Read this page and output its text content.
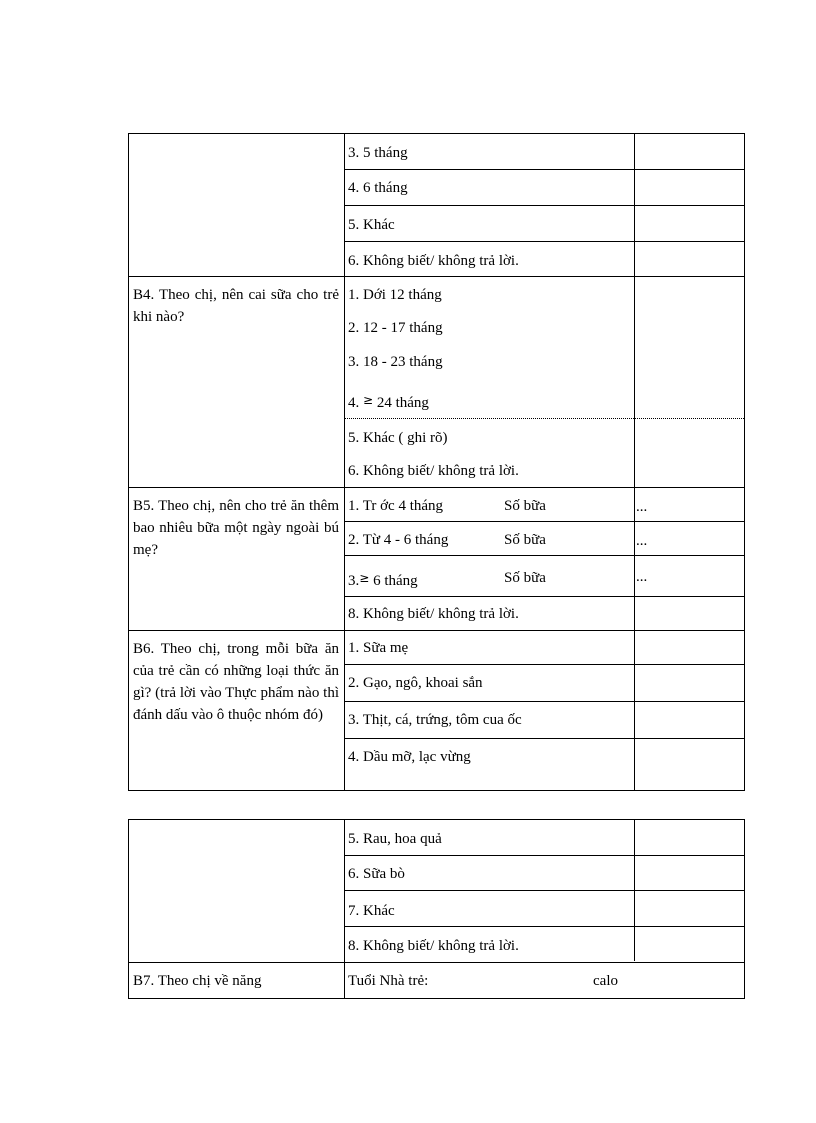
3. 5 tháng
4. 6 tháng
5. Khác
6. Không biết/ không trả lời.
B4. Theo chị, nên cai sữa cho trẻ khi nào?
1. Dới 12 tháng
2. 12 - 17 tháng
3. 18 - 23 tháng
4. ≥ 24 tháng
5. Khác ( ghi rõ)
6. Không biết/ không trả lời.
B5. Theo chị, nên cho trẻ ăn thêm bao nhiêu bữa một ngày ngoài bú mẹ?
1. Tr ớc 4 tháng	Số bữa	...
2. Từ 4 - 6 tháng	Số bữa	...
3.≥ 6 tháng	Số bữa	...
8. Không biết/ không trả lời.
B6. Theo chị, trong mỗi bữa ăn của trẻ cần có những loại thức ăn gì? (trả lời vào Thực phẩm nào thì đánh dấu vào ô thuộc nhóm đó)
1. Sữa mẹ
2. Gạo, ngô, khoai sắn
3. Thịt, cá, trứng, tôm cua ốc
4. Dầu mỡ, lạc vừng
5. Rau, hoa quả
6. Sữa bò
7. Khác
8. Không biết/ không trả lời.
B7. Theo chị về năng	Tuổi Nhà trẻ:	calo
